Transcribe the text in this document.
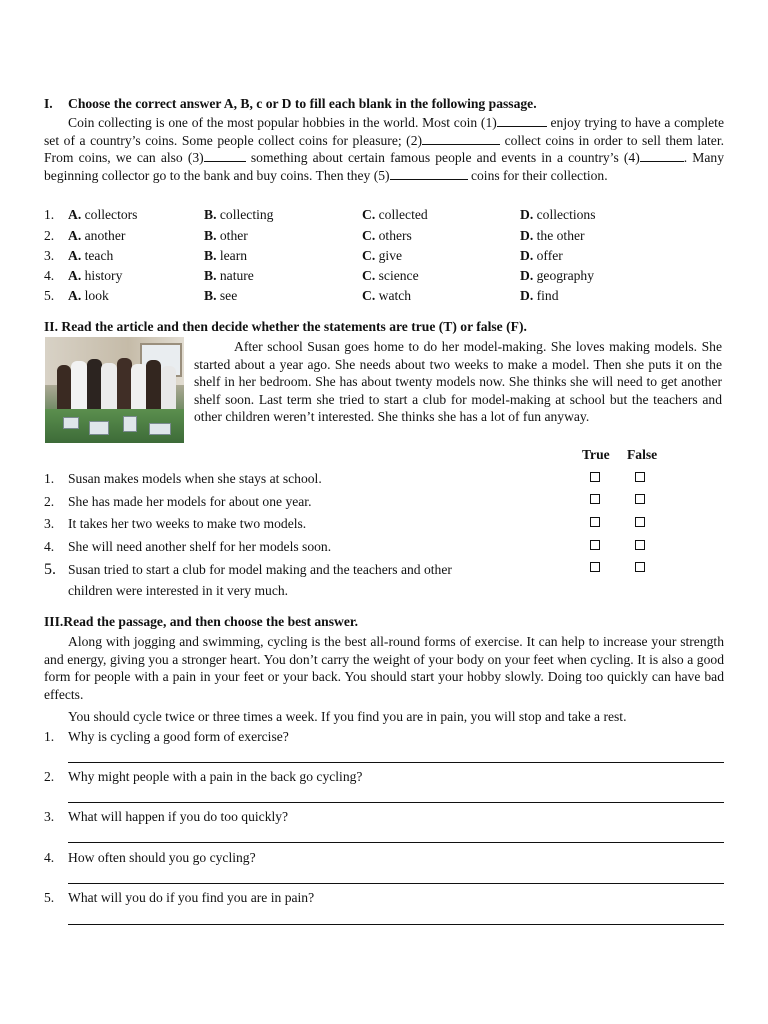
I. Choose the correct answer A, B, c or D to fill each blank in the following passage.
Coin collecting is one of the most popular hobbies in the world. Most coin (1)	enjoy trying to have a complete set of a country’s coins. Some people collect coins for pleasure; (2)	collect coins in order to sell them later. From coins, we can also (3)	something about certain famous people and events in a country’s (4)	. Many beginning collector go to the bank and buy coins. Then they (5)	coins for their collection.
1. A. collectors	B. collecting	C. collected	D. collections
2. A. another	B. other	C. others	D. the other
3. A. teach	B. learn	C. give	D. offer
4. A. history	B. nature	C. science	D. geography
5. A. look	B. see	C. watch	D. find
II. Read the article and then decide whether the statements are true (T) or false (F).
After school Susan goes home to do her model-making. She loves making models. She started about a year ago. She needs about two weeks to make a model. Then she puts it on the shelf in her bedroom. She has about twenty models now. She thinks she will need to get another shelf soon. Last term she tried to start a club for model-making at school but the teachers and other children weren’t interested. She thinks she has a lot of fun anyway.
True False
1. Susan makes models when she stays at school.
2. She has made her models for about one year.
3. It takes her two weeks to make two models.
4. She will need another shelf for her models soon.
5. Susan tried to start a club for model making and the teachers and other
children were interested in it very much.
III.Read the passage, and then choose the best answer.
Along with jogging and swimming, cycling is the best all-round forms of exercise. It can help to increase your strength and energy, giving you a stronger heart. You don’t carry the weight of your body on your feet when cycling. It is also a good form for people with a pain in your feet or your back. You should start your hobby slowly. Doing too quickly can have bad effects.
You should cycle twice or three times a week. If you find you are in pain, you will stop and take a rest.
1. Why is cycling a good form of exercise?
2. Why might people with a pain in the back go cycling?
3. What will happen if you do too quickly?
4. How often should you go cycling?
5. What will you do if you find you are in pain?
